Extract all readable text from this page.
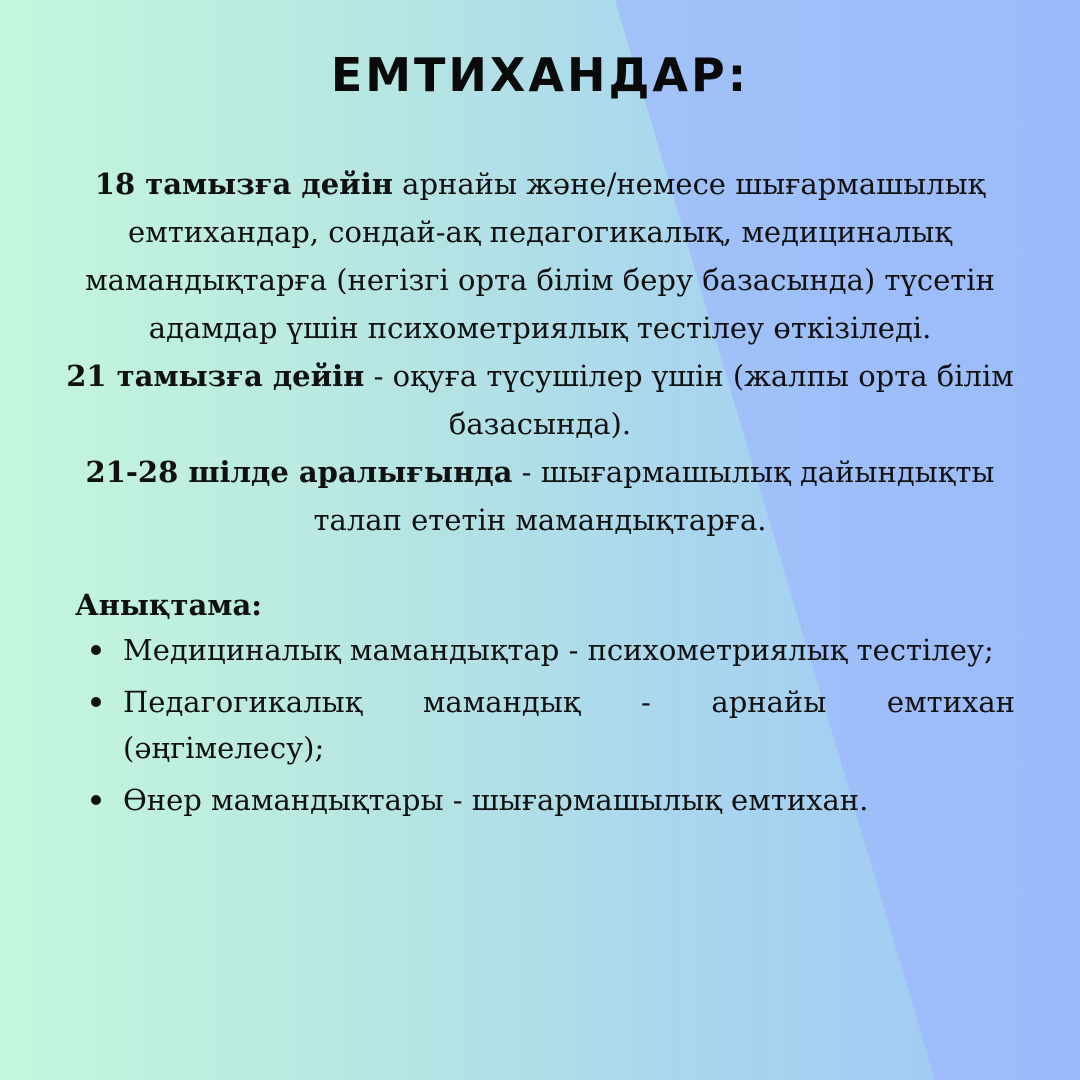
ЕМТИХАНДАР:

18 тамызға дейін арнайы және/немесе шығармашылық емтихандар, сондай-ақ педагогикалық, медициналық мамандықтарға (негізгі орта білім беру базасында) түсетін адамдар үшін психометриялық тестілеу өткізіледі.

21 тамызға дейін - оқуға түсушілер үшін (жалпы орта білім базасында).

21-28 шілде аралығында - шығармашылық дайындықты талап ететін мамандықтарға.

Анықтама:
Медициналық мамандықтар - психометриялық тестілеу;
Педагогикалық мамандық - арнайы емтихан (әңгімелесу);
Өнер мамандықтары - шығармашылық емтихан.
